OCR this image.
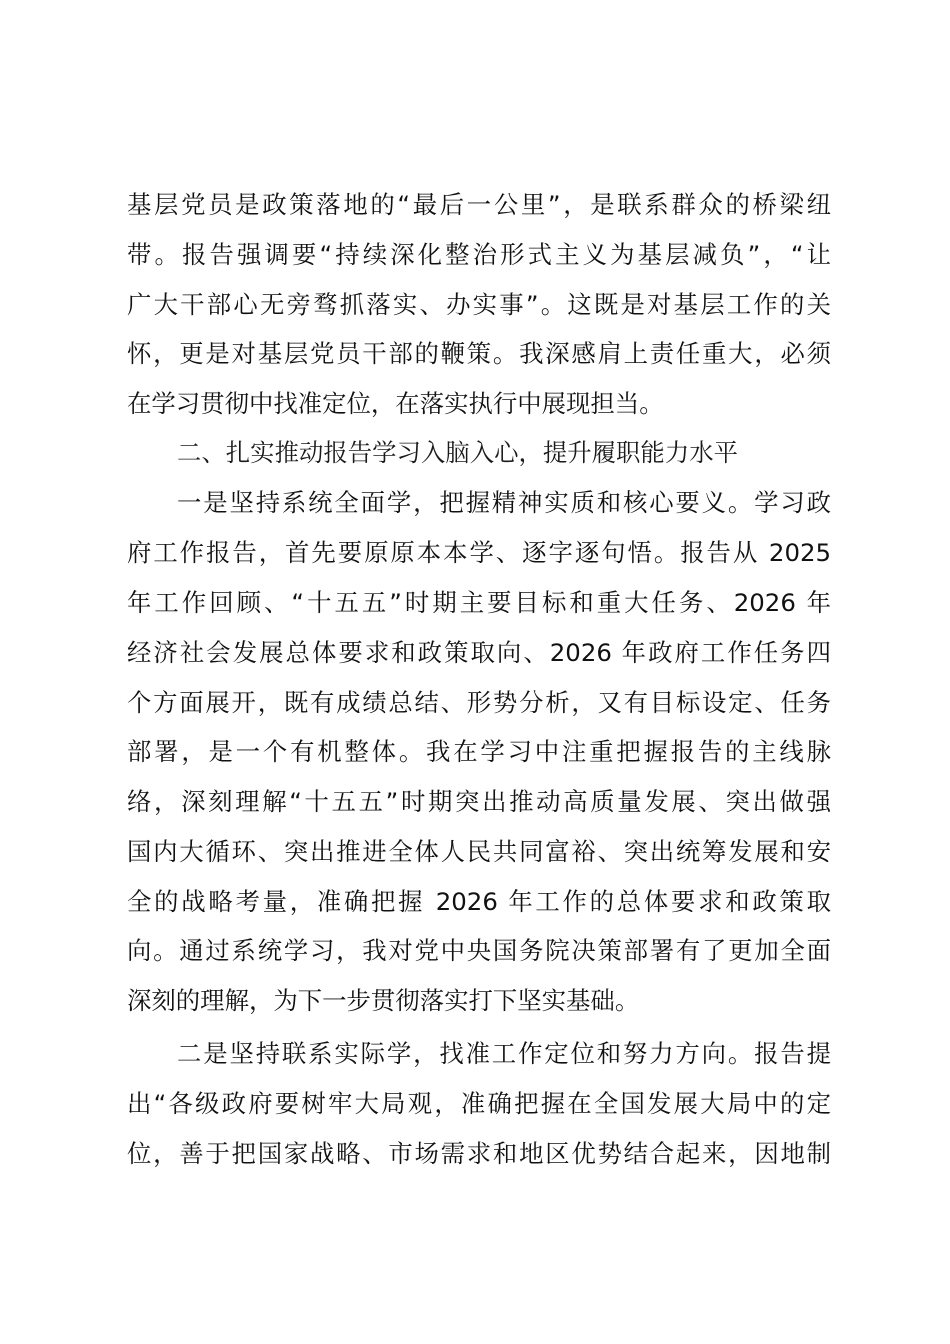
基层党员是政策落地的“最后一公里”，是联系群众的桥梁纽
带。报告强调要“持续深化整治形式主义为基层减负”，“让
广大干部心无旁骛抓落实、办实事”。这既是对基层工作的关
怀，更是对基层党员干部的鞭策。我深感肩上责任重大，必须
在学习贯彻中找准定位，在落实执行中展现担当。
二、扎实推动报告学习入脑入心，提升履职能力水平
一是坚持系统全面学，把握精神实质和核心要义。学习政
府工作报告，首先要原原本本学、逐字逐句悟。报告从 2025
年工作回顾、“十五五”时期主要目标和重大任务、2026 年
经济社会发展总体要求和政策取向、2026 年政府工作任务四
个方面展开，既有成绩总结、形势分析，又有目标设定、任务
部署，是一个有机整体。我在学习中注重把握报告的主线脉
络，深刻理解“十五五”时期突出推动高质量发展、突出做强
国内大循环、突出推进全体人民共同富裕、突出统筹发展和安
全的战略考量，准确把握 2026 年工作的总体要求和政策取
向。通过系统学习，我对党中央国务院决策部署有了更加全面
深刻的理解，为下一步贯彻落实打下坚实基础。
二是坚持联系实际学，找准工作定位和努力方向。报告提
出“各级政府要树牢大局观，准确把握在全国发展大局中的定
位，善于把国家战略、市场需求和地区优势结合起来，因地制
